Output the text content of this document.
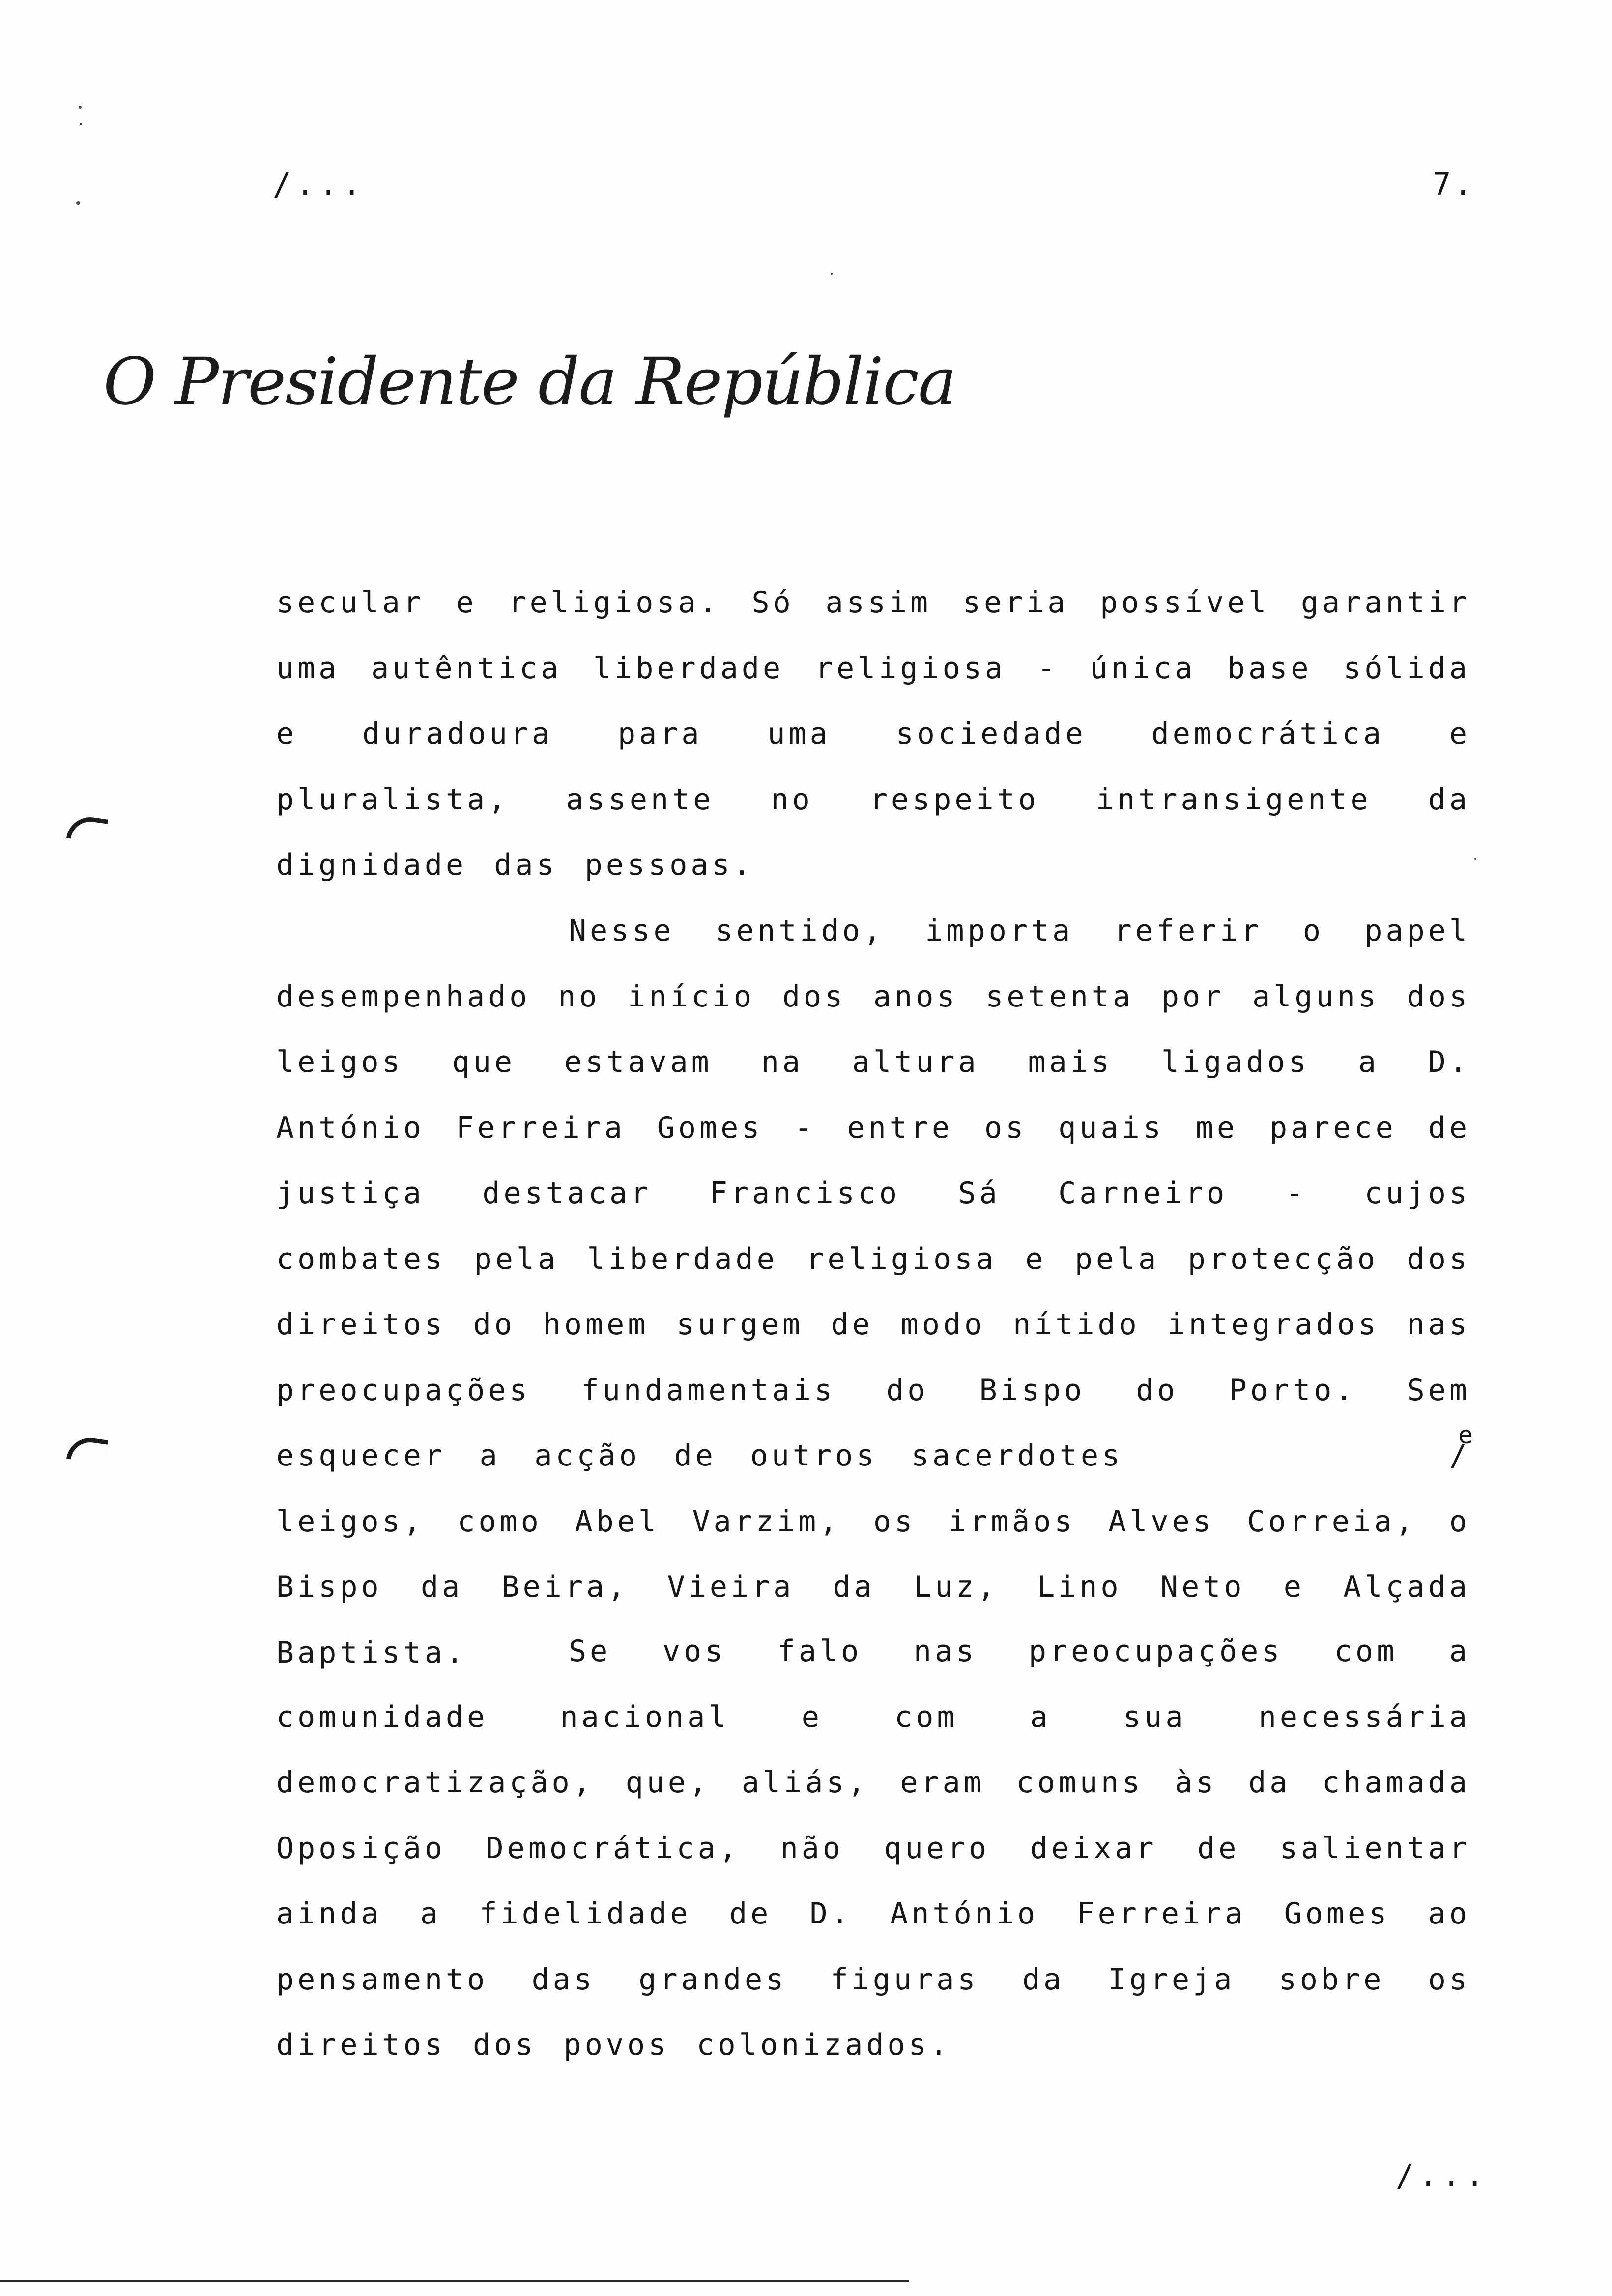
/...	7.
O Presidente da República

secular e religiosa. Só assim seria possível garantir uma autêntica liberdade religiosa - única base sólida e duradoura para uma sociedade democrática e pluralista, assente no respeito intransigente da dignidade das pessoas.

Nesse sentido, importa referir o papel desempenhado no início dos anos setenta por alguns dos leigos que estavam na altura mais ligados a D. António Ferreira Gomes - entre os quais me parece de justiça destacar Francisco Sá Carneiro - cujos combates pela liberdade religiosa e pela protecção dos direitos do homem surgem de modo nítido integrados nas preocupações fundamentais do Bispo do Porto. Sem esquecer a acção de outros sacerdotes	/
e
leigos, como Abel Varzim, os irmãos Alves Correia, o Bispo da Beira, Vieira da Luz, Lino Neto e Alçada Baptista.	Se vos falo nas preocupações com a comunidade nacional e com a sua necessária democratização, que, aliás, eram comuns às da chamada Oposição Democrática, não quero deixar de salientar ainda a fidelidade de D. António Ferreira Gomes ao pensamento das grandes figuras da Igreja sobre os direitos dos povos colonizados.

/...
